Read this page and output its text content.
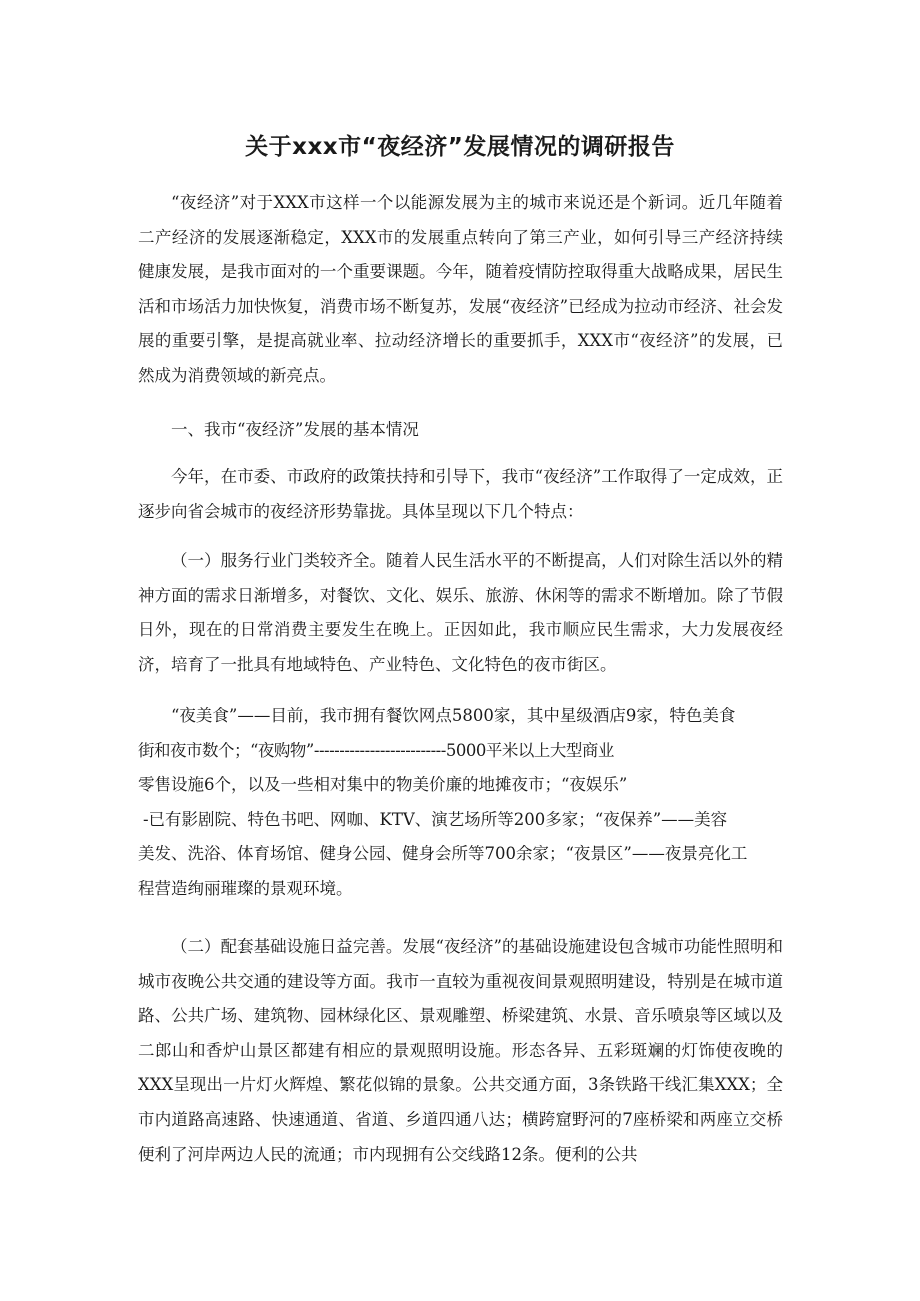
关于xxx市“夜经济”发展情况的调研报告

“夜经济”对于XXX市这样一个以能源发展为主的城市来说还是个新词。近几年随着二产经济的发展逐渐稳定，XXX市的发展重点转向了第三产业，如何引导三产经济持续健康发展，是我市面对的一个重要课题。今年，随着疫情防控取得重大战略成果，居民生活和市场活力加快恢复，消费市场不断复苏，发展“夜经济”已经成为拉动市经济、社会发展的重要引擎，是提高就业率、拉动经济增长的重要抓手，XXX市“夜经济”的发展，已然成为消费领域的新亮点。

一、我市“夜经济”发展的基本情况

今年，在市委、市政府的政策扶持和引导下，我市“夜经济”工作取得了一定成效，正逐步向省会城市的夜经济形势靠拢。具体呈现以下几个特点：

（一）服务行业门类较齐全。随着人民生活水平的不断提高，人们对除生活以外的精神方面的需求日渐增多，对餐饮、文化、娱乐、旅游、休闲等的需求不断增加。除了节假日外，现在的日常消费主要发生在晚上。正因如此，我市顺应民生需求，大力发展夜经济，培育了一批具有地域特色、产业特色、文化特色的夜市街区。

“夜美食”——目前，我市拥有餐饮网点5800家，其中星级酒店9家，特色美食
街和夜市数个；“夜购物”--------------------------5000平米以上大型商业
零售设施6个，以及一些相对集中的物美价廉的地摊夜市；“夜娱乐”
-已有影剧院、特色书吧、网咖、KTV、演艺场所等200多家；“夜保养”——美容
美发、洗浴、体育场馆、健身公园、健身会所等700余家；“夜景区”——夜景亮化工
程营造绚丽璀璨的景观环境。

（二）配套基础设施日益完善。发展“夜经济”的基础设施建设包含城市功能性照明和城市夜晚公共交通的建设等方面。我市一直较为重视夜间景观照明建设，特别是在城市道路、公共广场、建筑物、园林绿化区、景观雕塑、桥梁建筑、水景、音乐喷泉等区域以及二郎山和香炉山景区都建有相应的景观照明设施。形态各异、五彩斑斓的灯饰使夜晚的XXX呈现出一片灯火辉煌、繁花似锦的景象。公共交通方面，3条铁路干线汇集XXX；全市内道路高速路、快速通道、省道、乡道四通八达；横跨窟野河的7座桥梁和两座立交桥便利了河岸两边人民的流通；市内现拥有公交线路12条。便利的公共
